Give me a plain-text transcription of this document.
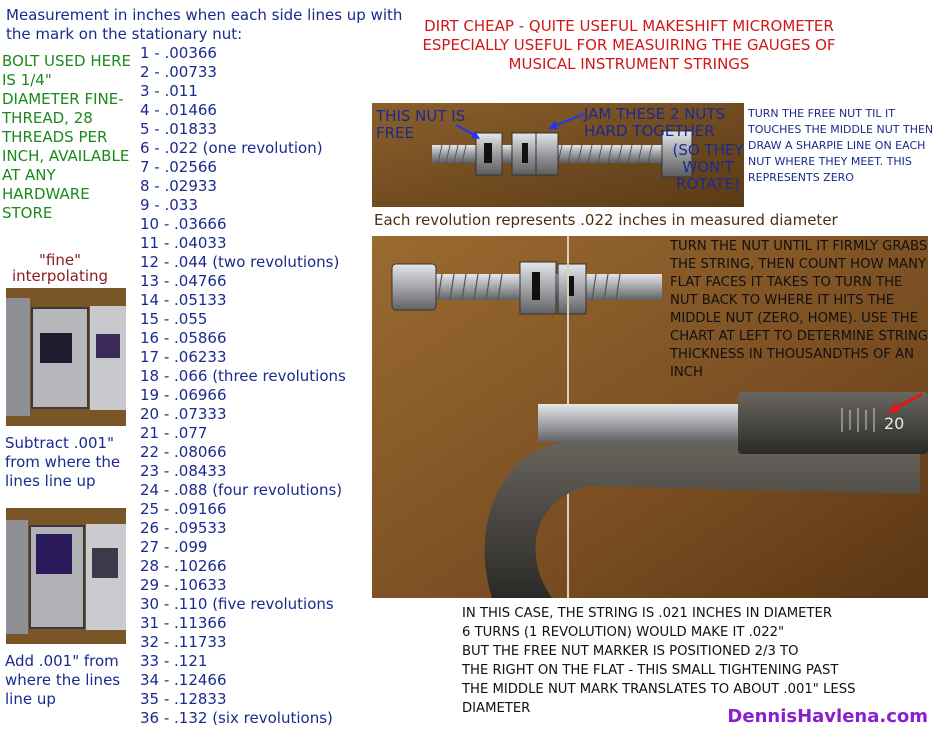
Measurement in inches when each side lines up with the mark on the stationary nut:
BOLT USED HERE IS 1/4" DIAMETER FINE-THREAD, 28 THREADS PER INCH, AVAILABLE AT ANY HARDWARE STORE
"fine" interpolating
Subtract .001" from where the lines line up
Add .001" from where the lines line up
1 - .00366
2 - .00733
3 - .011
4 - .01466
5 - .01833
6 - .022 (one revolution)
7 - .02566
8 - .02933
9 - .033
10 - .03666
11 - .04033
12 - .044 (two revolutions)
13 - .04766
14 - .05133
15 - .055
16 - .05866
17 - .06233
18 - .066 (three revolutions
19 - .06966
20 - .07333
21 - .077
22 - .08066
23 - .08433
24 - .088 (four revolutions)
25 - .09166
26 - .09533
27 - .099
28 - .10266
29 - .10633
30 - .110 (five revolutions
31 - .11366
32 - .11733
33 - .121
34 - .12466
35 - .12833
36 - .132 (six revolutions)
DIRT CHEAP - QUITE USEFUL MAKESHIFT MICROMETER
ESPECIALLY USEFUL FOR MEASUIRING THE GAUGES OF
MUSICAL INSTRUMENT STRINGS
THIS NUT IS FREE
JAM THESE 2 NUTS HARD TOGETHER
(SO THEY WON'T ROTATE)
TURN THE FREE NUT TIL IT TOUCHES THE MIDDLE NUT THEN DRAW A SHARPIE LINE ON EACH NUT WHERE THEY MEET. THIS REPRESENTS ZERO
Each revolution represents .022 inches in measured diameter
20
TURN THE NUT UNTIL IT FIRMLY GRABS THE STRING, THEN COUNT HOW MANY FLAT FACES IT TAKES TO TURN THE NUT BACK TO WHERE IT HITS THE MIDDLE NUT (ZERO, HOME). USE THE CHART AT LEFT TO DETERMINE STRING THICKNESS IN THOUSANDTHS OF AN INCH
IN THIS CASE, THE STRING IS .021 INCHES IN DIAMETER
6 TURNS (1 REVOLUTION) WOULD MAKE IT .022"
BUT THE FREE NUT MARKER IS POSITIONED 2/3 TO
THE RIGHT ON THE FLAT - THIS SMALL TIGHTENING PAST
THE MIDDLE NUT MARK TRANSLATES TO ABOUT .001" LESS
DIAMETER	DennisHavlena.com
